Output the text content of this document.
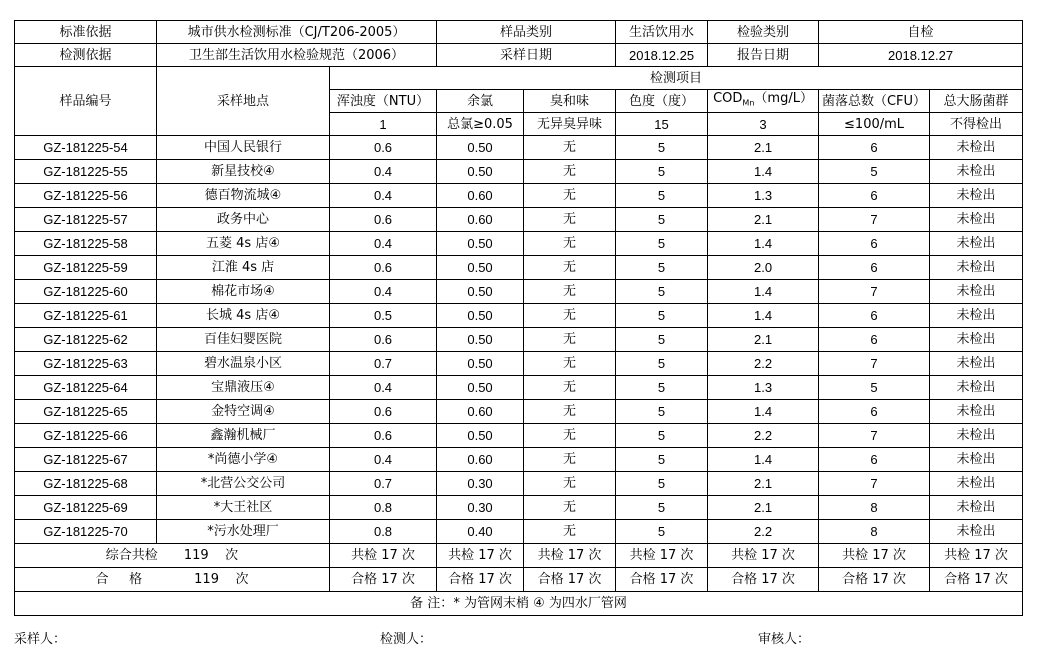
标准依据	城市供水检测标准（CJ/T206-2005）		样品类别		生活饮用水	检验类别	自检	
检测依据	卫生部生活饮用水检验规范（2006）		采样日期		2018.12.25	报告日期	2018.12.27	
样品编号	采样地点	检测项目						
		浑浊度（NTU）	余氯	臭和味	色度（度）	$COD_{Mn}(mg/L)$	菌落总数（CFU）	总大肠菌群
		1	总氯≥0.05	无异臭异味	15	3	≤100/mL	不得检出
GZ-181225-54	中国人民银行	0.6	0.50	无	5	2.1	6	未检出
GZ-181225-55	新星技校④	0.4	0.50	无	5	1.4	5	未检出
GZ-181225-56	德百物流城④	0.4	0.60	无	5	1.3	6	未检出
GZ-181225-57	政务中心	0.6	0.60	无	5	2.1	7	未检出
GZ-181225-58	五菱 4s 店④	0.4	0.50	无	5	1.4	6	未检出
GZ-181225-59	江淮 4s 店	0.6	0.50	无	5	2.0	6	未检出
GZ-181225-60	棉花市场④	0.4	0.50	无	5	1.4	7	未检出
GZ-181225-61	长城 4s 店④	0.5	0.50	无	5	1.4	6	未检出
GZ-181225-62	百佳妇婴医院	0.6	0.50	无	5	2.1	6	未检出
GZ-181225-63	碧水温泉小区	0.7	0.50	无	5	2.2	7	未检出
GZ-181225-64	宝鼎液压④	0.4	0.50	无	5	1.3	5	未检出
GZ-181225-65	金特空调④	0.6	0.60	无	5	1.4	6	未检出
GZ-181225-66	鑫瀚机械厂	0.6	0.50	无	5	2.2	7	未检出
GZ-181225-67	*尚德小学④	0.4	0.60	无	5	1.4	6	未检出
GZ-181225-68	*北营公交公司	0.7	0.30	无	5	2.1	7	未检出
GZ-181225-69	*大王社区	0.8	0.30	无	5	2.1	8	未检出
GZ-181225-70	*污水处理厂	0.8	0.40	无	5	2.2	8	未检出
综合共检 119 次		共检 17 次	共检 17 次	共检 17 次	共检 17 次	共检 17 次	共检 17 次	共检 17 次
合 格 119 次		合格 17 次	合格 17 次	合格 17 次	合格 17 次	合格 17 次	合格 17 次	合格 17 次
备 注：* 为管网末梢 ④ 为四水厂管网								
采样人：	检测人：	审核人：
